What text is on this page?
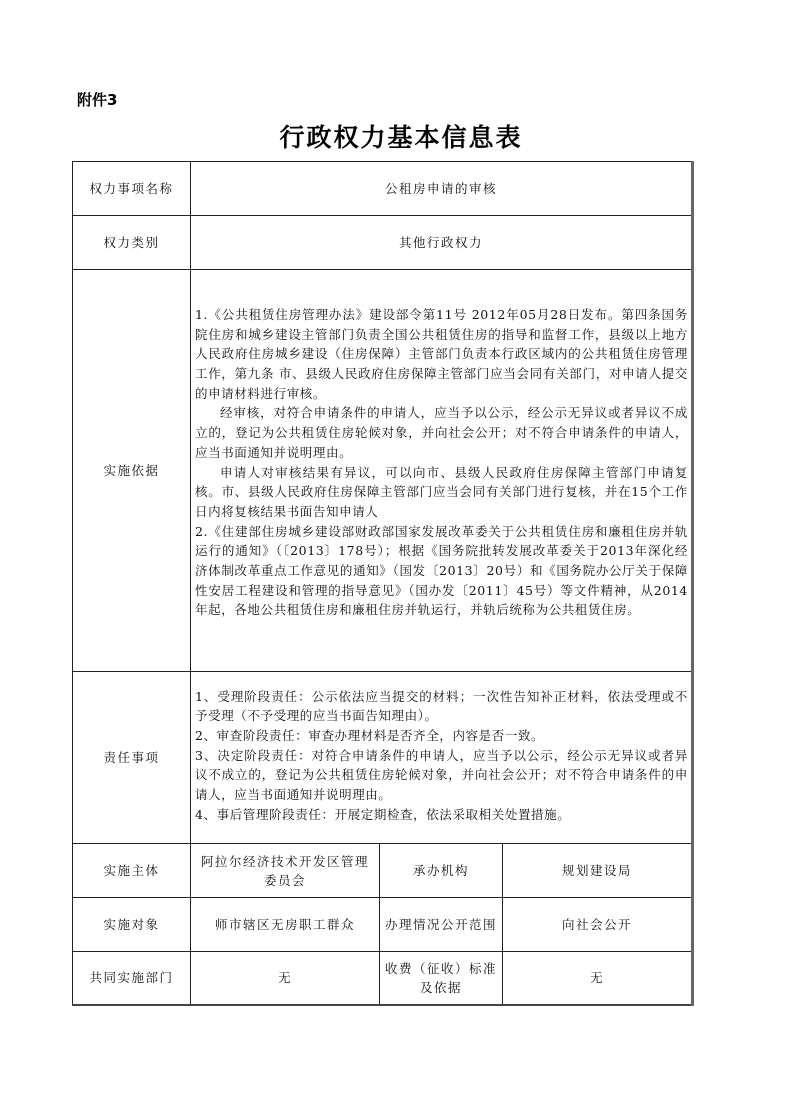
附件3
行政权力基本信息表
权力事项名称	公租房申请的审核		
权力类别	其他行政权力		
实施依据	1.《公共租赁住房管理办法》建设部令第11号 2012年05月28日发布。第四条国务院住房和城乡建设主管部门负责全国公共租赁住房的指导和监督工作，县级以上地方人民政府住房城乡建设（住房保障）主管部门负责本行政区域内的公共租赁住房管理工作，第九条 市、县级人民政府住房保障主管部门应当会同有关部门，对申请人提交的申请材料进行审核。

经审核，对符合申请条件的申请人，应当予以公示，经公示无异议或者异议不成立的，登记为公共租赁住房轮候对象，并向社会公开；对不符合申请条件的申请人，应当书面通知并说明理由。

申请人对审核结果有异议，可以向市、县级人民政府住房保障主管部门申请复核。市、县级人民政府住房保障主管部门应当会同有关部门进行复核，并在15个工作日内将复核结果书面告知申请人

2.《住建部住房城乡建设部财政部国家发展改革委关于公共租赁住房和廉租住房并轨运行的通知》（〔2013〕178号）；根据《国务院批转发展改革委关于2013年深化经济体制改革重点工作意见的通知》（国发〔2013〕20号）和《国务院办公厅关于保障性安居工程建设和管理的指导意见》（国办发〔2011〕45号）等文件精神，从2014年起，各地公共租赁住房和廉租住房并轨运行，并轨后统称为公共租赁住房。		

责任事项	1、受理阶段责任：公示依法应当提交的材料；一次性告知补正材料，依法受理或不予受理（不予受理的应当书面告知理由）。

2、审查阶段责任：审查办理材料是否齐全，内容是否一致。

3、决定阶段责任：对符合申请条件的申请人，应当予以公示，经公示无异议或者异议不成立的，登记为公共租赁住房轮候对象，并向社会公开；对不符合申请条件的申请人，应当书面通知并说明理由。

4、事后管理阶段责任：开展定期检查，依法采取相关处置措施。		

实施主体	阿拉尔经济技术开发区管理委员会	承办机构	规划建设局
实施对象	师市辖区无房职工群众	办理情况公开范围	向社会公开
共同实施部门	无	收费（征收）标准及依据	无
